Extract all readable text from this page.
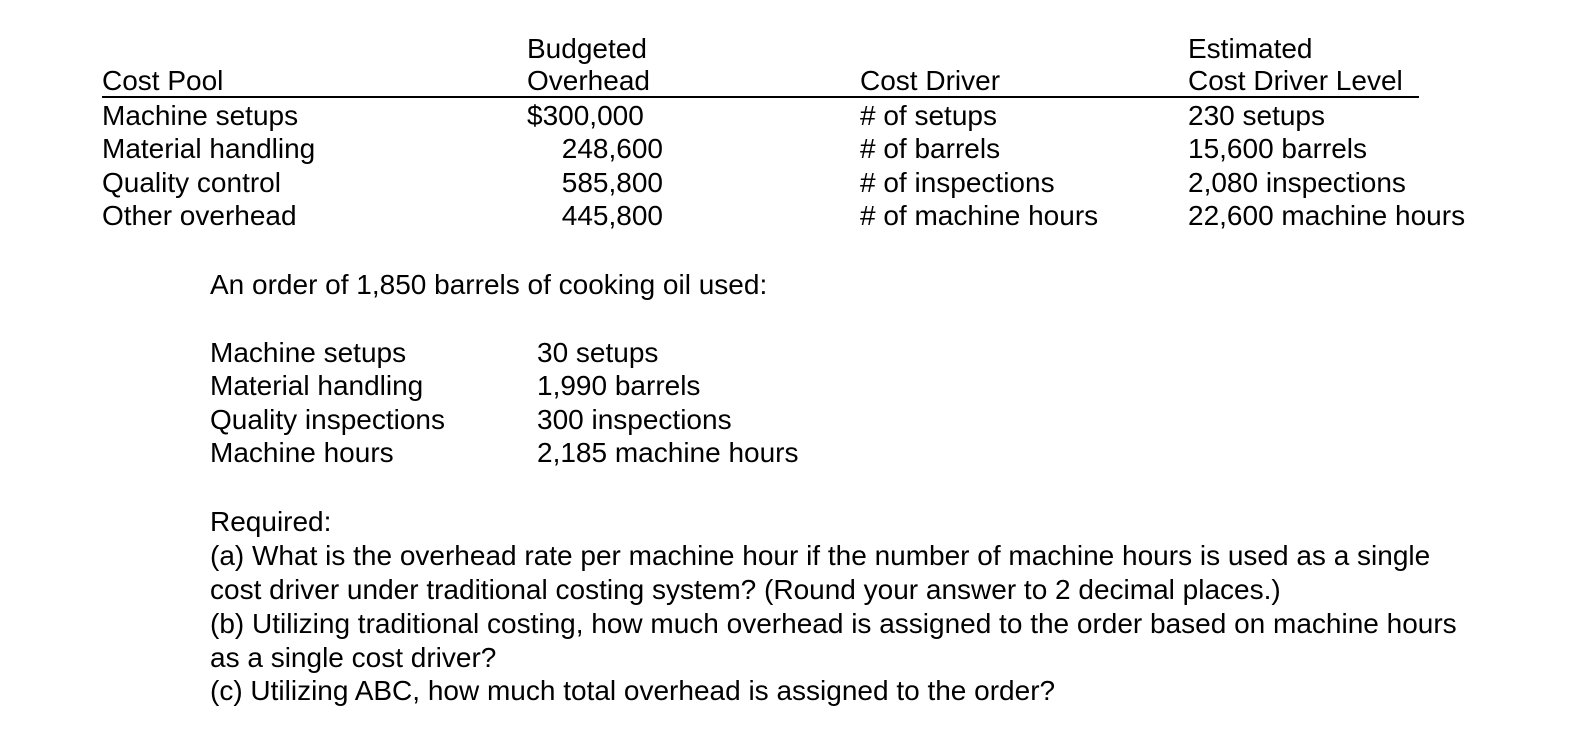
Budgeted	Estimated
Cost Pool	Overhead	Cost Driver	Cost Driver Level
Machine setups	$300,000	# of setups	230 setups
Material handling	248,600	# of barrels	15,600 barrels
Quality control	585,800	# of inspections	2,080 inspections
Other overhead	445,800	# of machine hours	22,600 machine hours
An order of 1,850 barrels of cooking oil used:
Machine setups	30 setups
Material handling	1,990 barrels
Quality inspections	300 inspections
Machine hours	2,185 machine hours
Required:
(a) What is the overhead rate per machine hour if the number of machine hours is used as a single
cost driver under traditional costing system? (Round your answer to 2 decimal places.)
(b) Utilizing traditional costing, how much overhead is assigned to the order based on machine hours
as a single cost driver?
(c) Utilizing ABC, how much total overhead is assigned to the order?
